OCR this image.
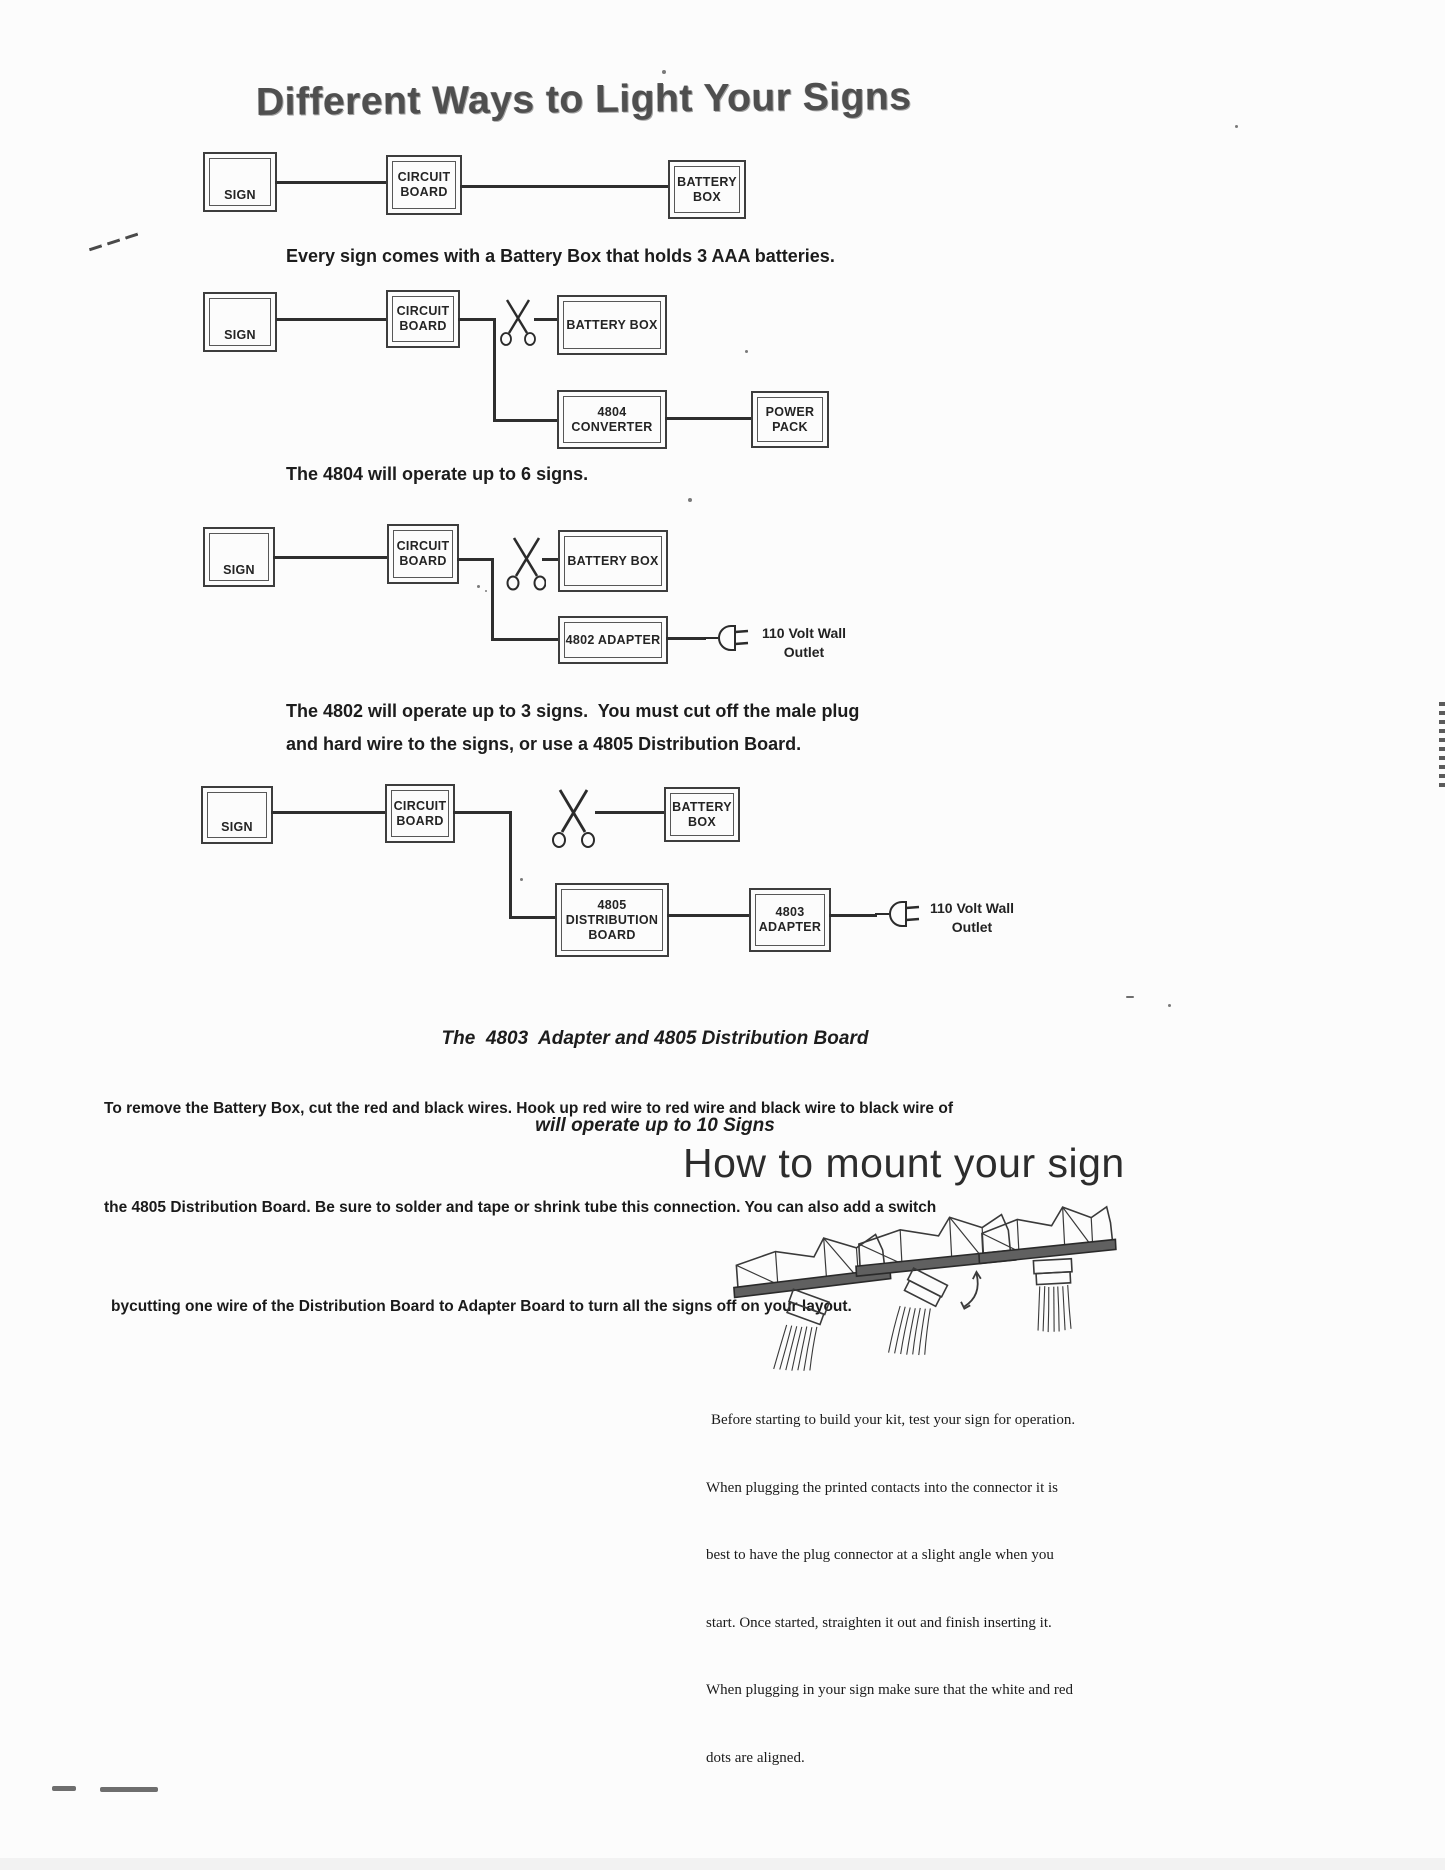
Different Ways to Light Your Signs
SIGN
CIRCUIT BOARD
BATTERY BOX
Every sign comes with a Battery Box that holds 3 AAA batteries.
SIGN
CIRCUIT BOARD	BATTERY BOX
4804 CONVERTER
POWER PACK
The 4804 will operate up to 6 signs.
SIGN
CIRCUIT BOARD	BATTERY BOX
4802 ADAPTER	110 Volt Wall Outlet
The 4802 will operate up to 3 signs.  You must cut off the male plug
and hard wire to the signs, or use a 4805 Distribution Board.
SIGN
CIRCUIT BOARD
BATTERY BOX
4805 DISTRIBUTION BOARD
4803 ADAPTER
110 Volt Wall Outlet

The  4803  Adapter and 4805 Distribution Board

will operate up to 10 Signs

To remove the Battery Box, cut the red and black wires. Hook up red wire to red wire and black wire to black wire of

the 4805 Distribution Board. Be sure to solder and tape or shrink tube this connection. You can also add a switch

bycutting one wire of the Distribution Board to Adapter Board to turn all the signs off on your layout.

How to mount your sign

Before starting to build your kit, test your sign for operation.

When plugging the printed contacts into the connector it is

best to have the plug connector at a slight angle when you

start. Once started, straighten it out and finish inserting it.

When plugging in your sign make sure that the white and red

dots are aligned.
